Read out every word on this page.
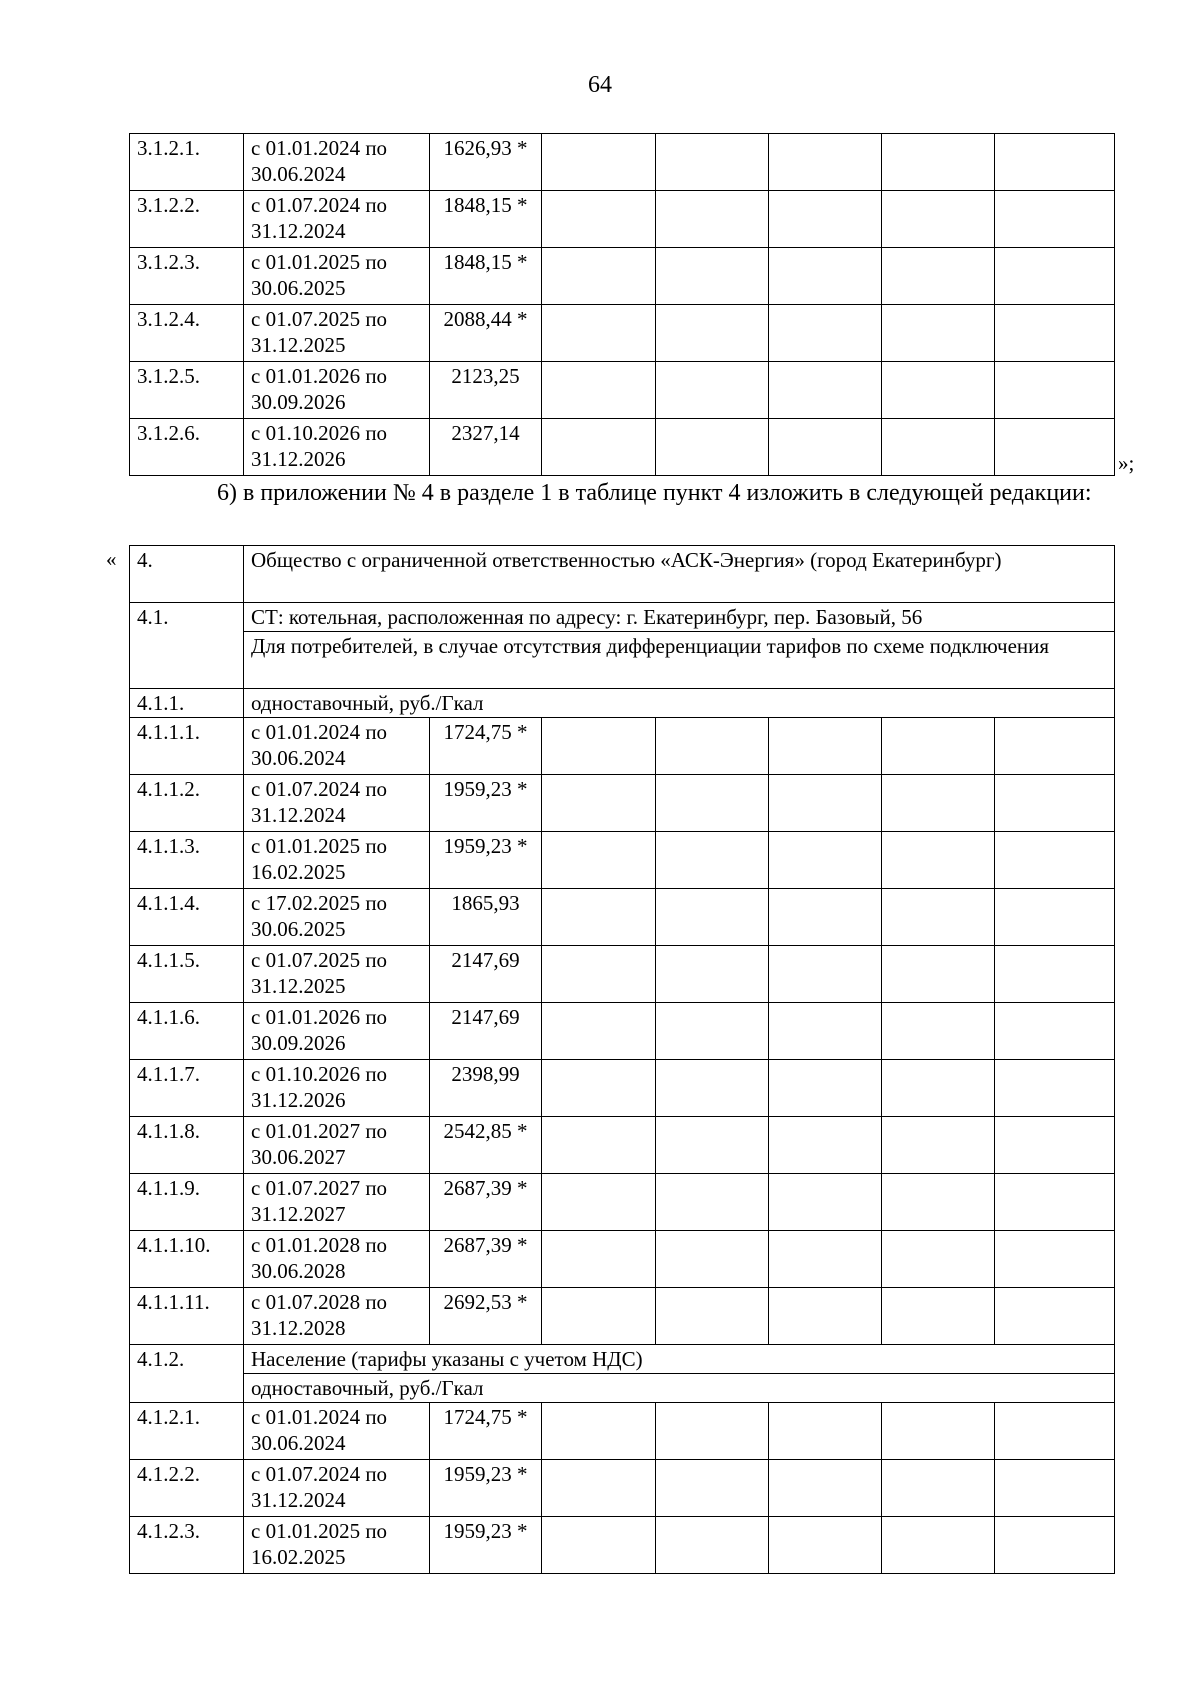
64
3.1.2.1.	с 01.01.2024 по 30.06.2024	1626,93 *					
3.1.2.2.	с 01.07.2024 по 31.12.2024	1848,15 *					
3.1.2.3.	с 01.01.2025 по 30.06.2025	1848,15 *					
3.1.2.4.	с 01.07.2025 по 31.12.2025	2088,44 *					
3.1.2.5.	с 01.01.2026 по 30.09.2026	2123,25					
3.1.2.6.	с 01.10.2026 по 31.12.2026	2327,14					
»;

6) в приложении № 4 в разделе 1 в таблице пункт 4 изложить в следующей редакции:

« 4.	Общество с ограниченной ответственностью «АСК-Энергия» (город Екатеринбург)						
4.1.	СТ: котельная, расположенная по адресу: г. Екатеринбург, пер. Базовый, 56						
	Для потребителей, в случае отсутствия дифференциации тарифов по схеме подключения						
4.1.1.	одноставочный, руб./Гкал						
4.1.1.1.	с 01.01.2024 по 30.06.2024	1724,75 *					
4.1.1.2.	с 01.07.2024 по 31.12.2024	1959,23 *					
4.1.1.3.	с 01.01.2025 по 16.02.2025	1959,23 *					
4.1.1.4.	с 17.02.2025 по 30.06.2025	1865,93					
4.1.1.5.	с 01.07.2025 по 31.12.2025	2147,69					
4.1.1.6.	с 01.01.2026 по 30.09.2026	2147,69					
4.1.1.7.	с 01.10.2026 по 31.12.2026	2398,99					
4.1.1.8.	с 01.01.2027 по 30.06.2027	2542,85 *					
4.1.1.9.	с 01.07.2027 по 31.12.2027	2687,39 *					
4.1.1.10.	с 01.01.2028 по 30.06.2028	2687,39 *					
4.1.1.11.	с 01.07.2028 по 31.12.2028	2692,53 *					
4.1.2.	Население (тарифы указаны с учетом НДС)						
	одноставочный, руб./Гкал						
4.1.2.1.	с 01.01.2024 по 30.06.2024	1724,75 *					
4.1.2.2.	с 01.07.2024 по 31.12.2024	1959,23 *					
4.1.2.3.	с 01.01.2025 по 16.02.2025	1959,23 *					
